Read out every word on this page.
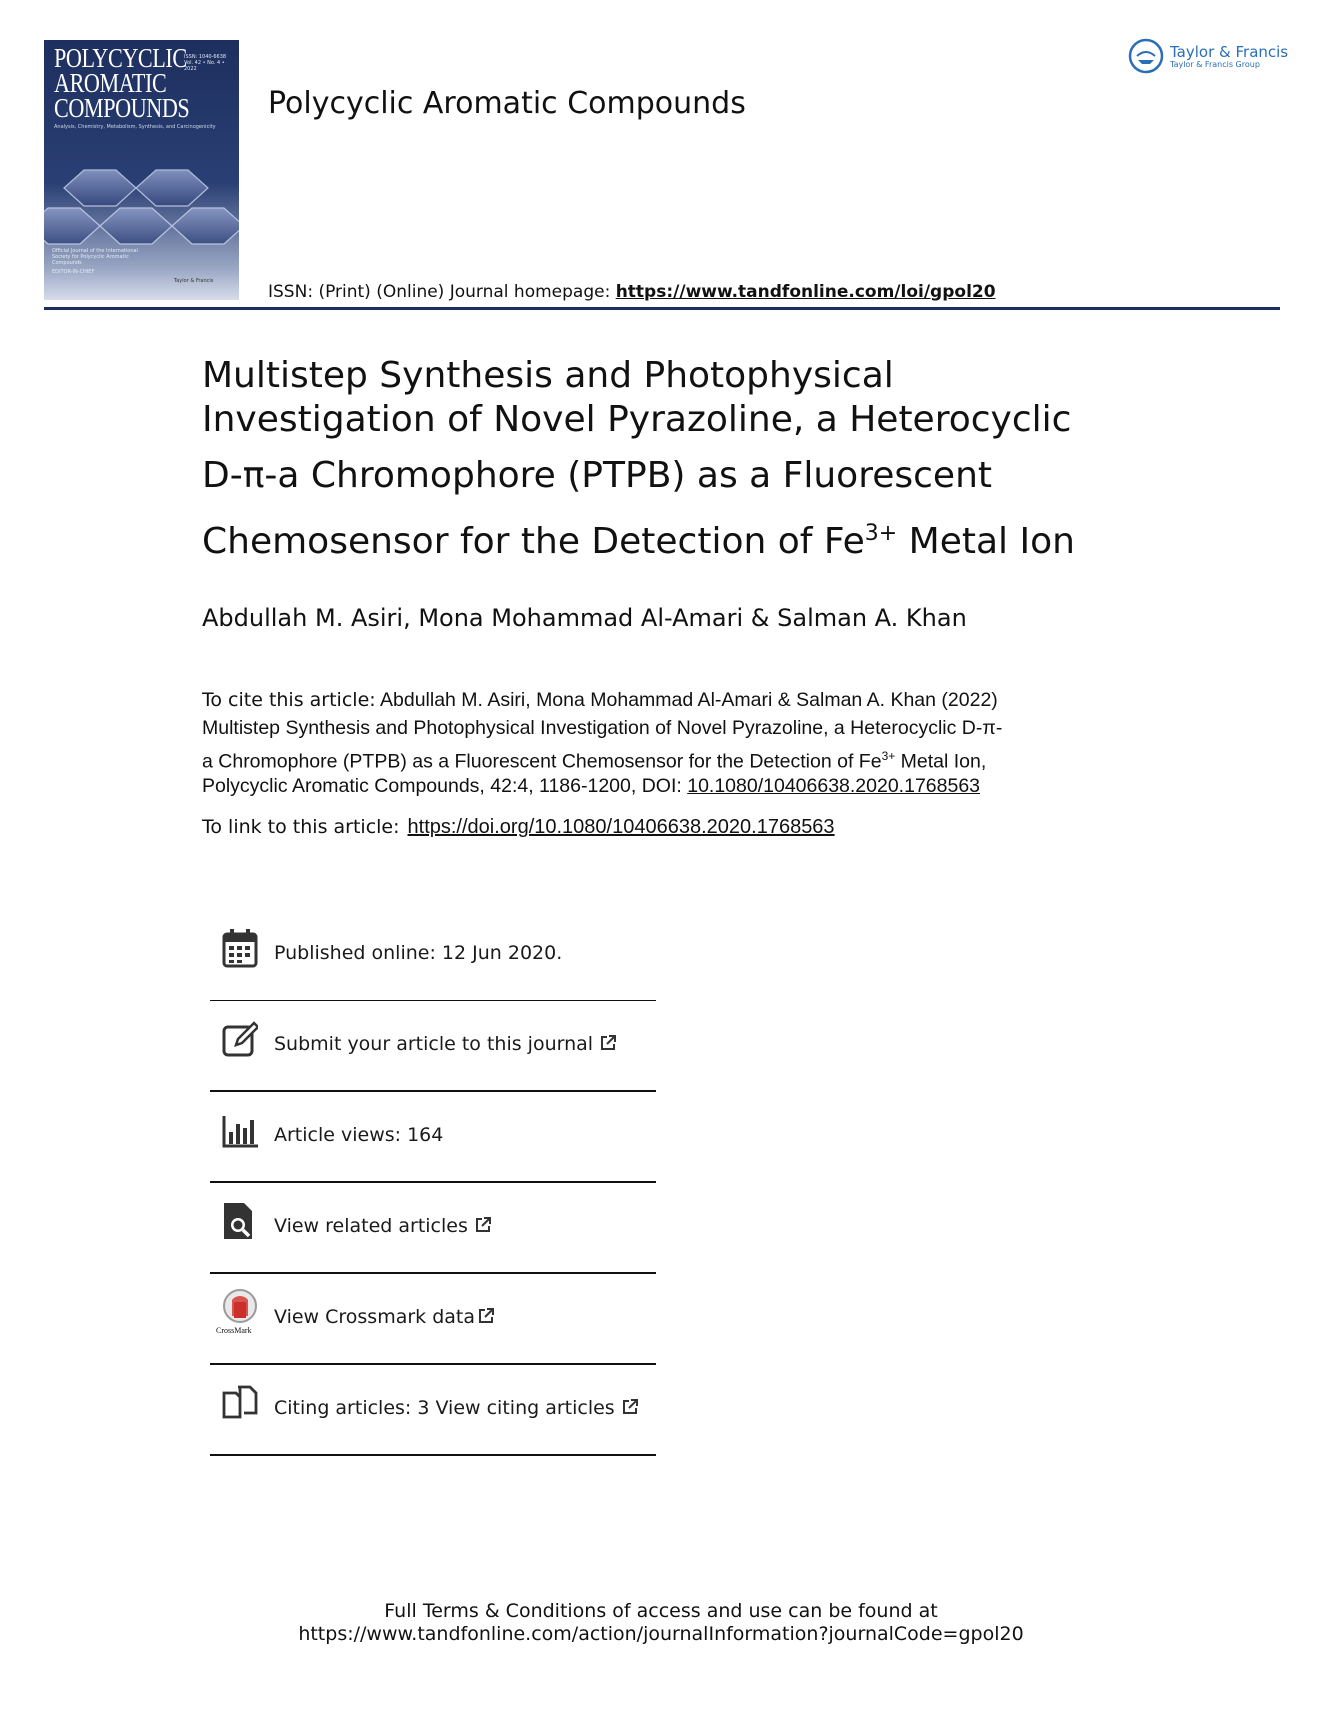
POLYCYCLIC
AROMATIC
COMPOUNDS
ISSN: 1040-6638
Vol. 42 • No. 4 • 2022
Analysis, Chemistry, Metabolism, Synthesis, and Carcinogenicity
Official Journal of the International Society for Polycyclic Aromatic Compounds
EDITOR-IN-CHIEF
Taylor & Francis
Polycyclic Aromatic Compounds
ISSN: (Print) (Online) Journal homepage: https://www.tandfonline.com/loi/gpol20
Taylor & Francis
Taylor & Francis Group
Multistep Synthesis and Photophysical
Investigation of Novel Pyrazoline, a Heterocyclic
D-π-a Chromophore (PTPB) as a Fluorescent
Chemosensor for the Detection of $Fe^{3+}$ Metal Ion
Abdullah M. Asiri, Mona Mohammad Al-Amari & Salman A. Khan
To cite this article: Abdullah M. Asiri, Mona Mohammad Al-Amari & Salman A. Khan (2022)
Multistep Synthesis and Photophysical Investigation of Novel Pyrazoline, a Heterocyclic D-π-
a Chromophore (PTPB) as a Fluorescent Chemosensor for the Detection of $Fe^{3+}$ Metal Ion,
Polycyclic Aromatic Compounds, 42:4, 1186-1200, DOI: 10.1080/10406638.2020.1768563
To link to this article: https://doi.org/10.1080/10406638.2020.1768563
Published online: 12 Jun 2020.
Submit your article to this journal
Article views: 164
View related articles
CrossMark
View Crossmark data
Citing articles: 3 View citing articles
Full Terms & Conditions of access and use can be found at
https://www.tandfonline.com/action/journalInformation?journalCode=gpol20
